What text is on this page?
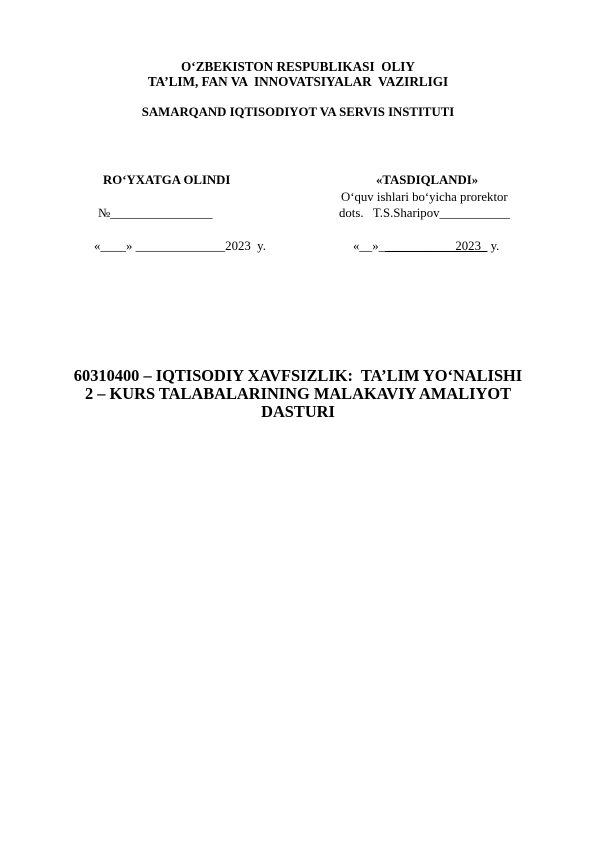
O‘ZBEKISTON RESPUBLIKASI  OLIY
TA’LIM, FAN VA  INNOVATSIYALAR  VAZIRLIGI
SAMARQAND IQTISODIYOT VA SERVIS INSTITUTI
RO‘YXATGA OLINDI
№________________
«____» ______________2023  y.
«TASDIQLANDI»
O‘quv ishlari bo‘yicha prorektor
dots.   T.S.Sharipov___________
«__»____________2023_ y.
60310400 – IQTISODIY XAVFSIZLIK:  TA’LIM YO‘NALISHI
2 – KURS TALABALARINING MALAKAVIY AMALIYOT
DASTURI
